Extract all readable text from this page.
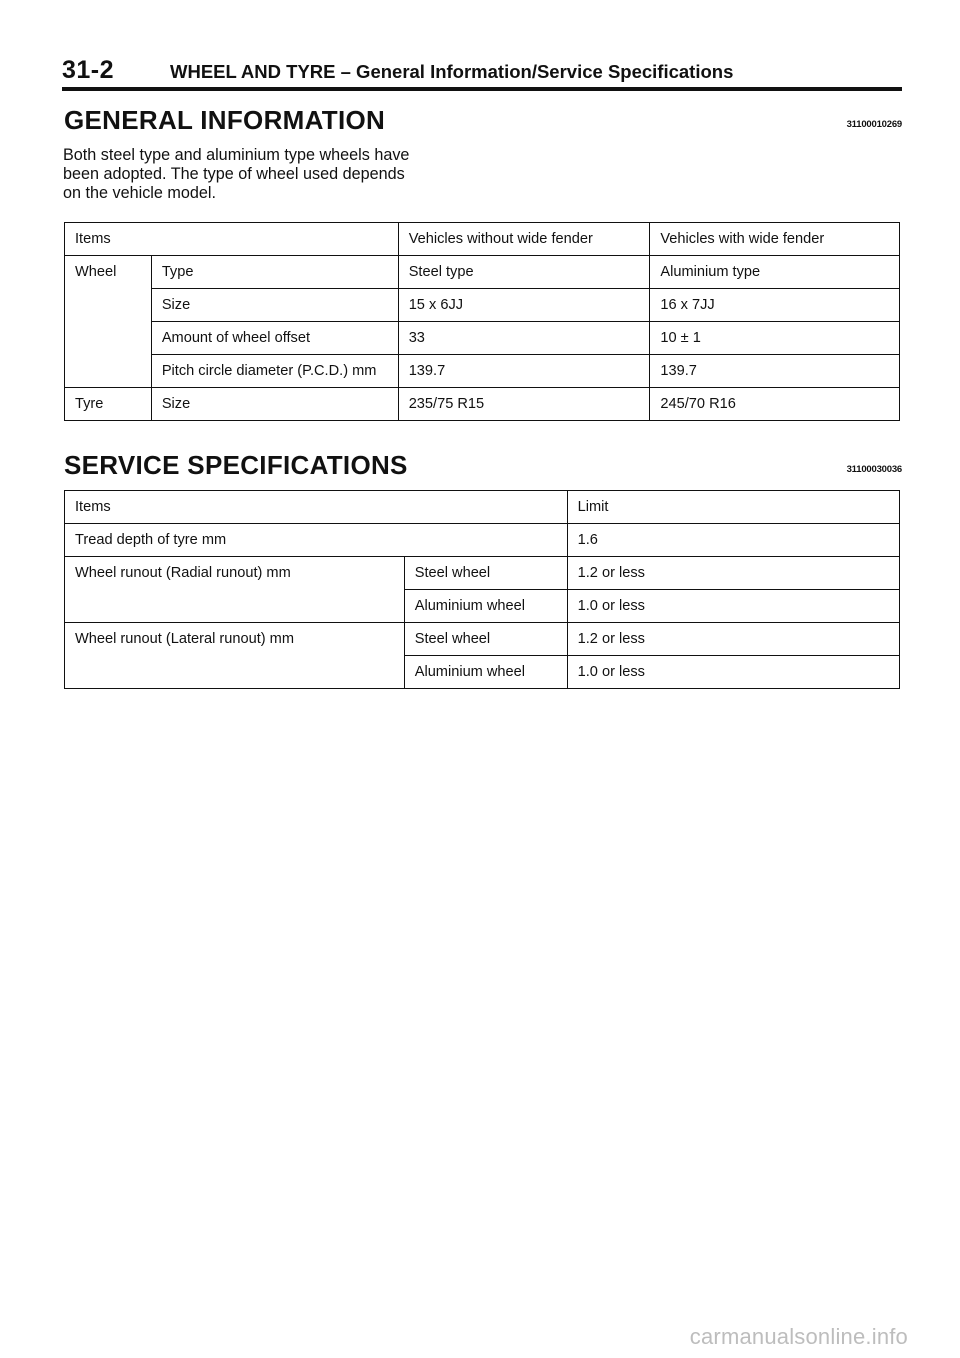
31-2	WHEEL AND TYRE – General Information/Service Specifications
GENERAL INFORMATION	31100010269
Both steel type and aluminium type wheels have
been adopted. The type of wheel used depends
on the vehicle model.
Items		Vehicles without wide fender	Vehicles with wide fender
Wheel	Type	Steel type	Aluminium type
	Size	15 x 6JJ	16 x 7JJ
	Amount of wheel offset	33	10 ± 1
	Pitch circle diameter (P.C.D.) mm	139.7	139.7
Tyre	Size	235/75 R15	245/70 R16
SERVICE SPECIFICATIONS	31100030036
Items		Limit
Tread depth of tyre mm		1.6
Wheel runout (Radial runout) mm	Steel wheel	1.2 or less
	Aluminium wheel	1.0 or less
Wheel runout (Lateral runout) mm	Steel wheel	1.2 or less
	Aluminium wheel	1.0 or less
carmanualsonline.info
